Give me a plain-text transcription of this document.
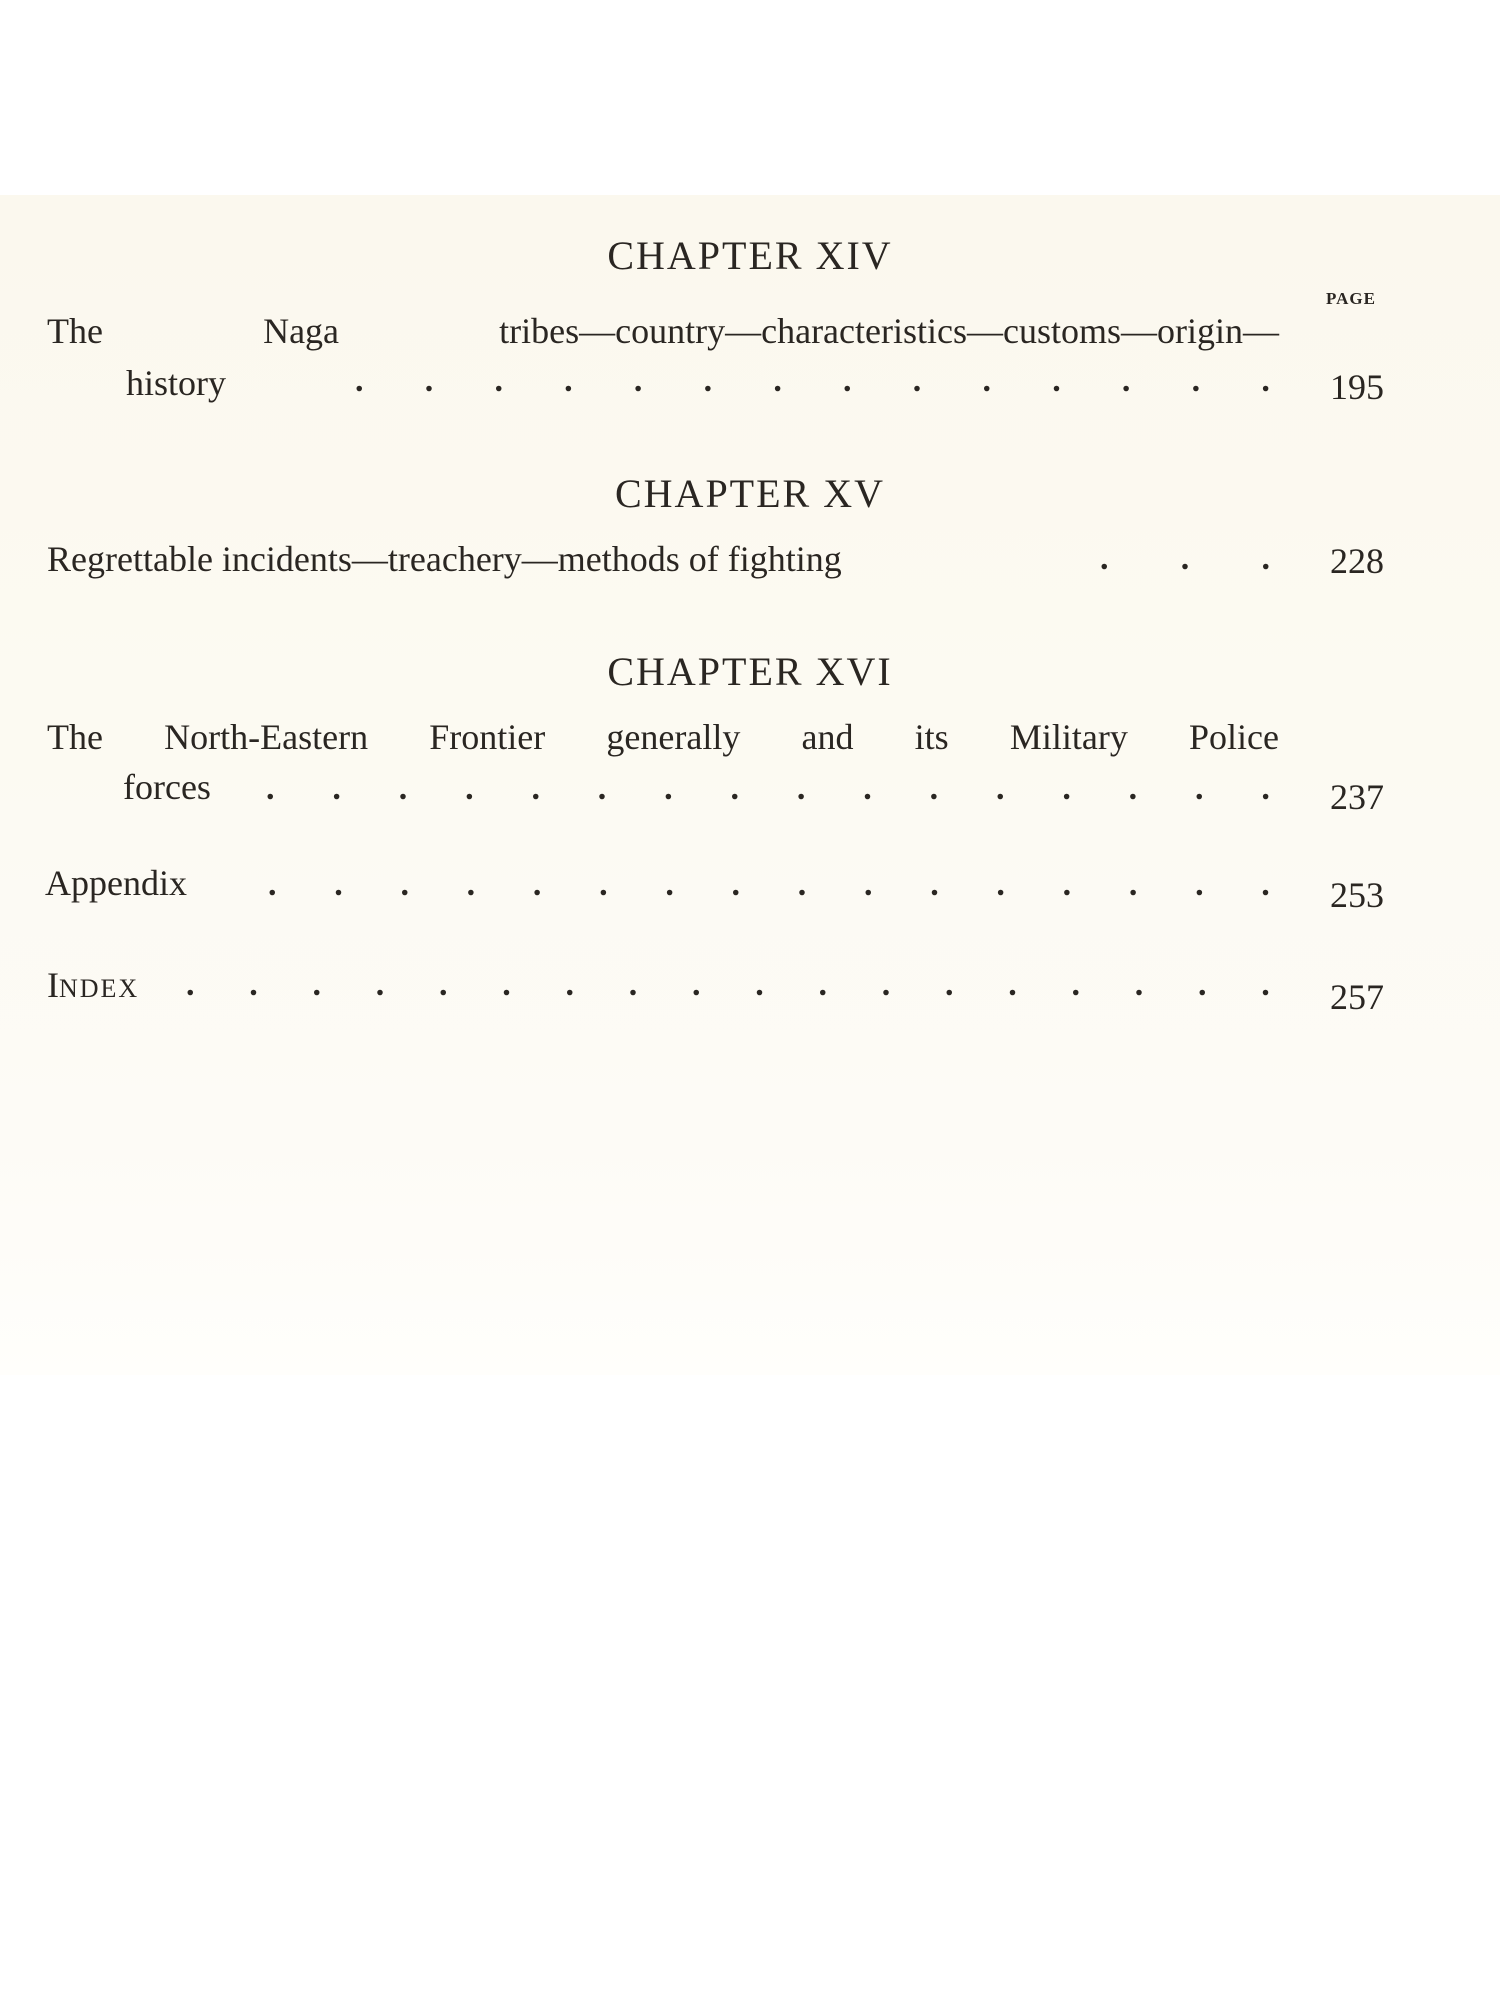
PAGE
CHAPTER XIV
The	Naga	tribes—country—characteristics—customs—origin—
history	. . . . . . . . . . . . . . 195
CHAPTER XV
Regrettable incidents—treachery—methods of fighting	. . . 228
CHAPTER XVI
The North-Eastern Frontier generally and its Military Police
forces . . . . . . . . . . . . . . . . 237
Appendix . . . . . . . . . . . . . . . . 253
INDEX . . . . . . . . . . . . . . . . . . 257
